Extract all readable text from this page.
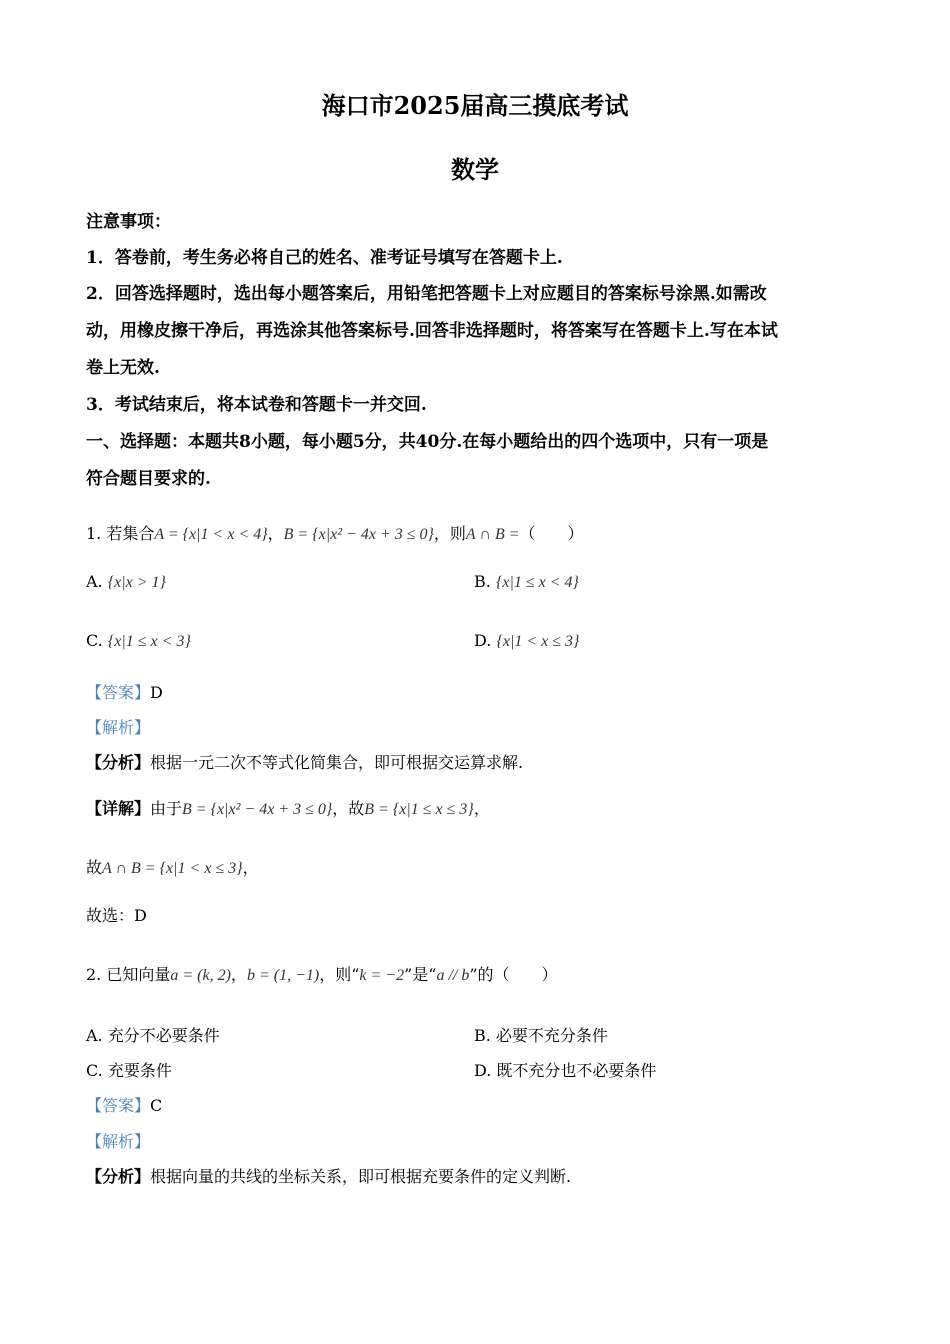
海口市2025届高三摸底考试
数学
注意事项：
1．答卷前，考生务必将自己的姓名、准考证号填写在答题卡上.
2．回答选择题时，选出每小题答案后，用铅笔把答题卡上对应题目的答案标号涂黑.如需改
动，用橡皮擦干净后，再选涂其他答案标号.回答非选择题时，将答案写在答题卡上.写在本试
卷上无效.
3．考试结束后，将本试卷和答题卡一并交回.
一、选择题：本题共8小题，每小题5分，共40分.在每小题给出的四个选项中，只有一项是
符合题目要求的.
1. 若集合A = {x|1 < x < 4}，B = {x|x² − 4x + 3 ≤ 0}，则A ∩ B =（　　）
A. {x|x > 1}	B. {x|1 ≤ x < 4}
C. {x|1 ≤ x < 3}	D. {x|1 < x ≤ 3}
【答案】D
【解析】
【分析】根据一元二次不等式化简集合，即可根据交运算求解.
【详解】由于B = {x|x² − 4x + 3 ≤ 0}，故B = {x|1 ≤ x ≤ 3}，
故A ∩ B = {x|1 < x ≤ 3}，
故选：D
2. 已知向量a = (k, 2)，b = (1, −1)，则“k = −2”是“a // b”的（　　）
A. 充分不必要条件	B. 必要不充分条件
C. 充要条件	D. 既不充分也不必要条件
【答案】C
【解析】
【分析】根据向量的共线的坐标关系，即可根据充要条件的定义判断.
